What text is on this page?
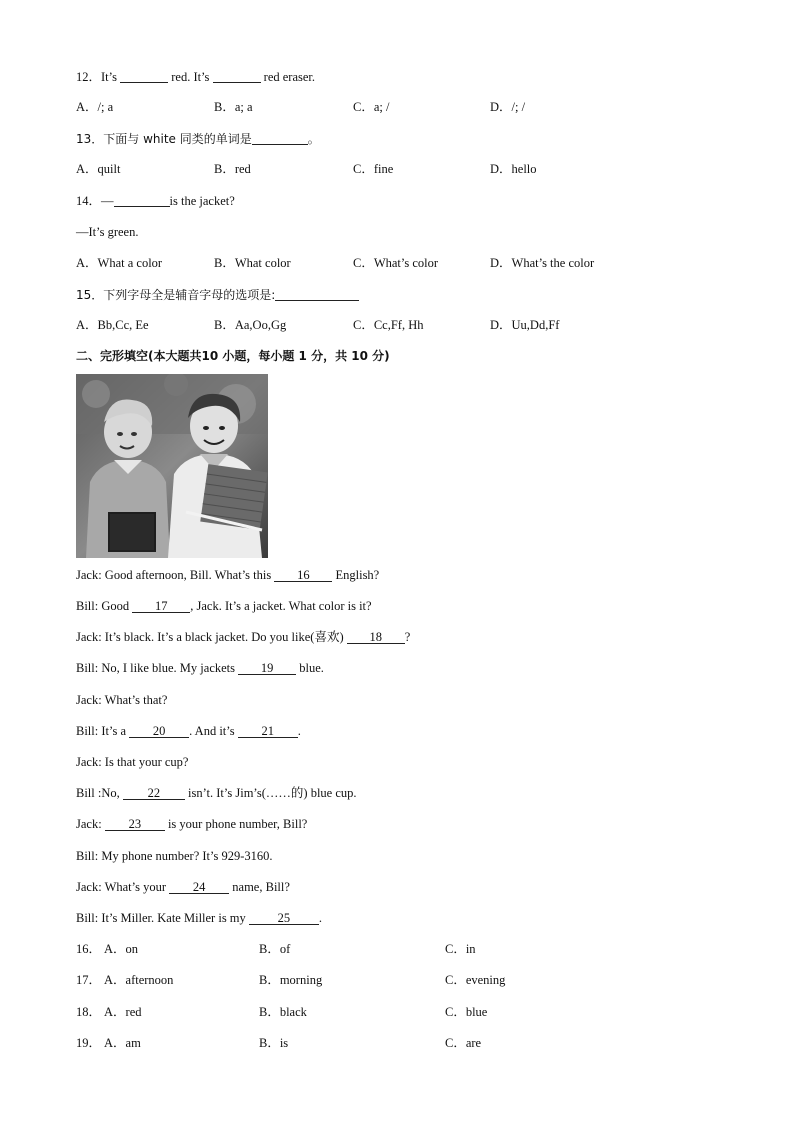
12．It’s	red. It’s	red eraser.
A．/; a	B．a; a	C．a; /	D．/; /
13．下面与 white 同类的单词是	。
A．quilt	B．red	C．fine	D．hello
14．—	is the jacket?
—It’s green.
A．What a color	B．What color	C．What’s color	D．What’s the color
15．下列字母全是辅音字母的选项是:
A．Bb,Cc, Ee	B．Aa,Oo,Gg	C．Cc,Ff, Hh	D．Uu,Dd,Ff
二、完形填空(本大题共10 小题，每小题 1 分，共 10 分)
Jack: Good afternoon, Bill. What’s this 16 English?
Bill: Good 17 , Jack. It’s a jacket. What color is it?
Jack: It’s black. It’s a black jacket. Do you like(喜欢) 18 ?
Bill: No, I like blue. My jackets 19 blue.
Jack: What’s that?
Bill: It’s a 20 . And it’s 21 .
Jack: Is that your cup?
Bill :No, 22 isn’t. It’s Jim’s(……的) blue cup.
Jack: 23 is your phone number, Bill?
Bill: My phone number? It’s 929-3160.
Jack: What’s your 24 name, Bill?
Bill: It’s Miller. Kate Miller is my 25 .
16． A．on	B．of	C．in
17． A．afternoon	B．morning	C．evening
18． A．red	B．black	C．blue
19． A．am	B．is	C．are
